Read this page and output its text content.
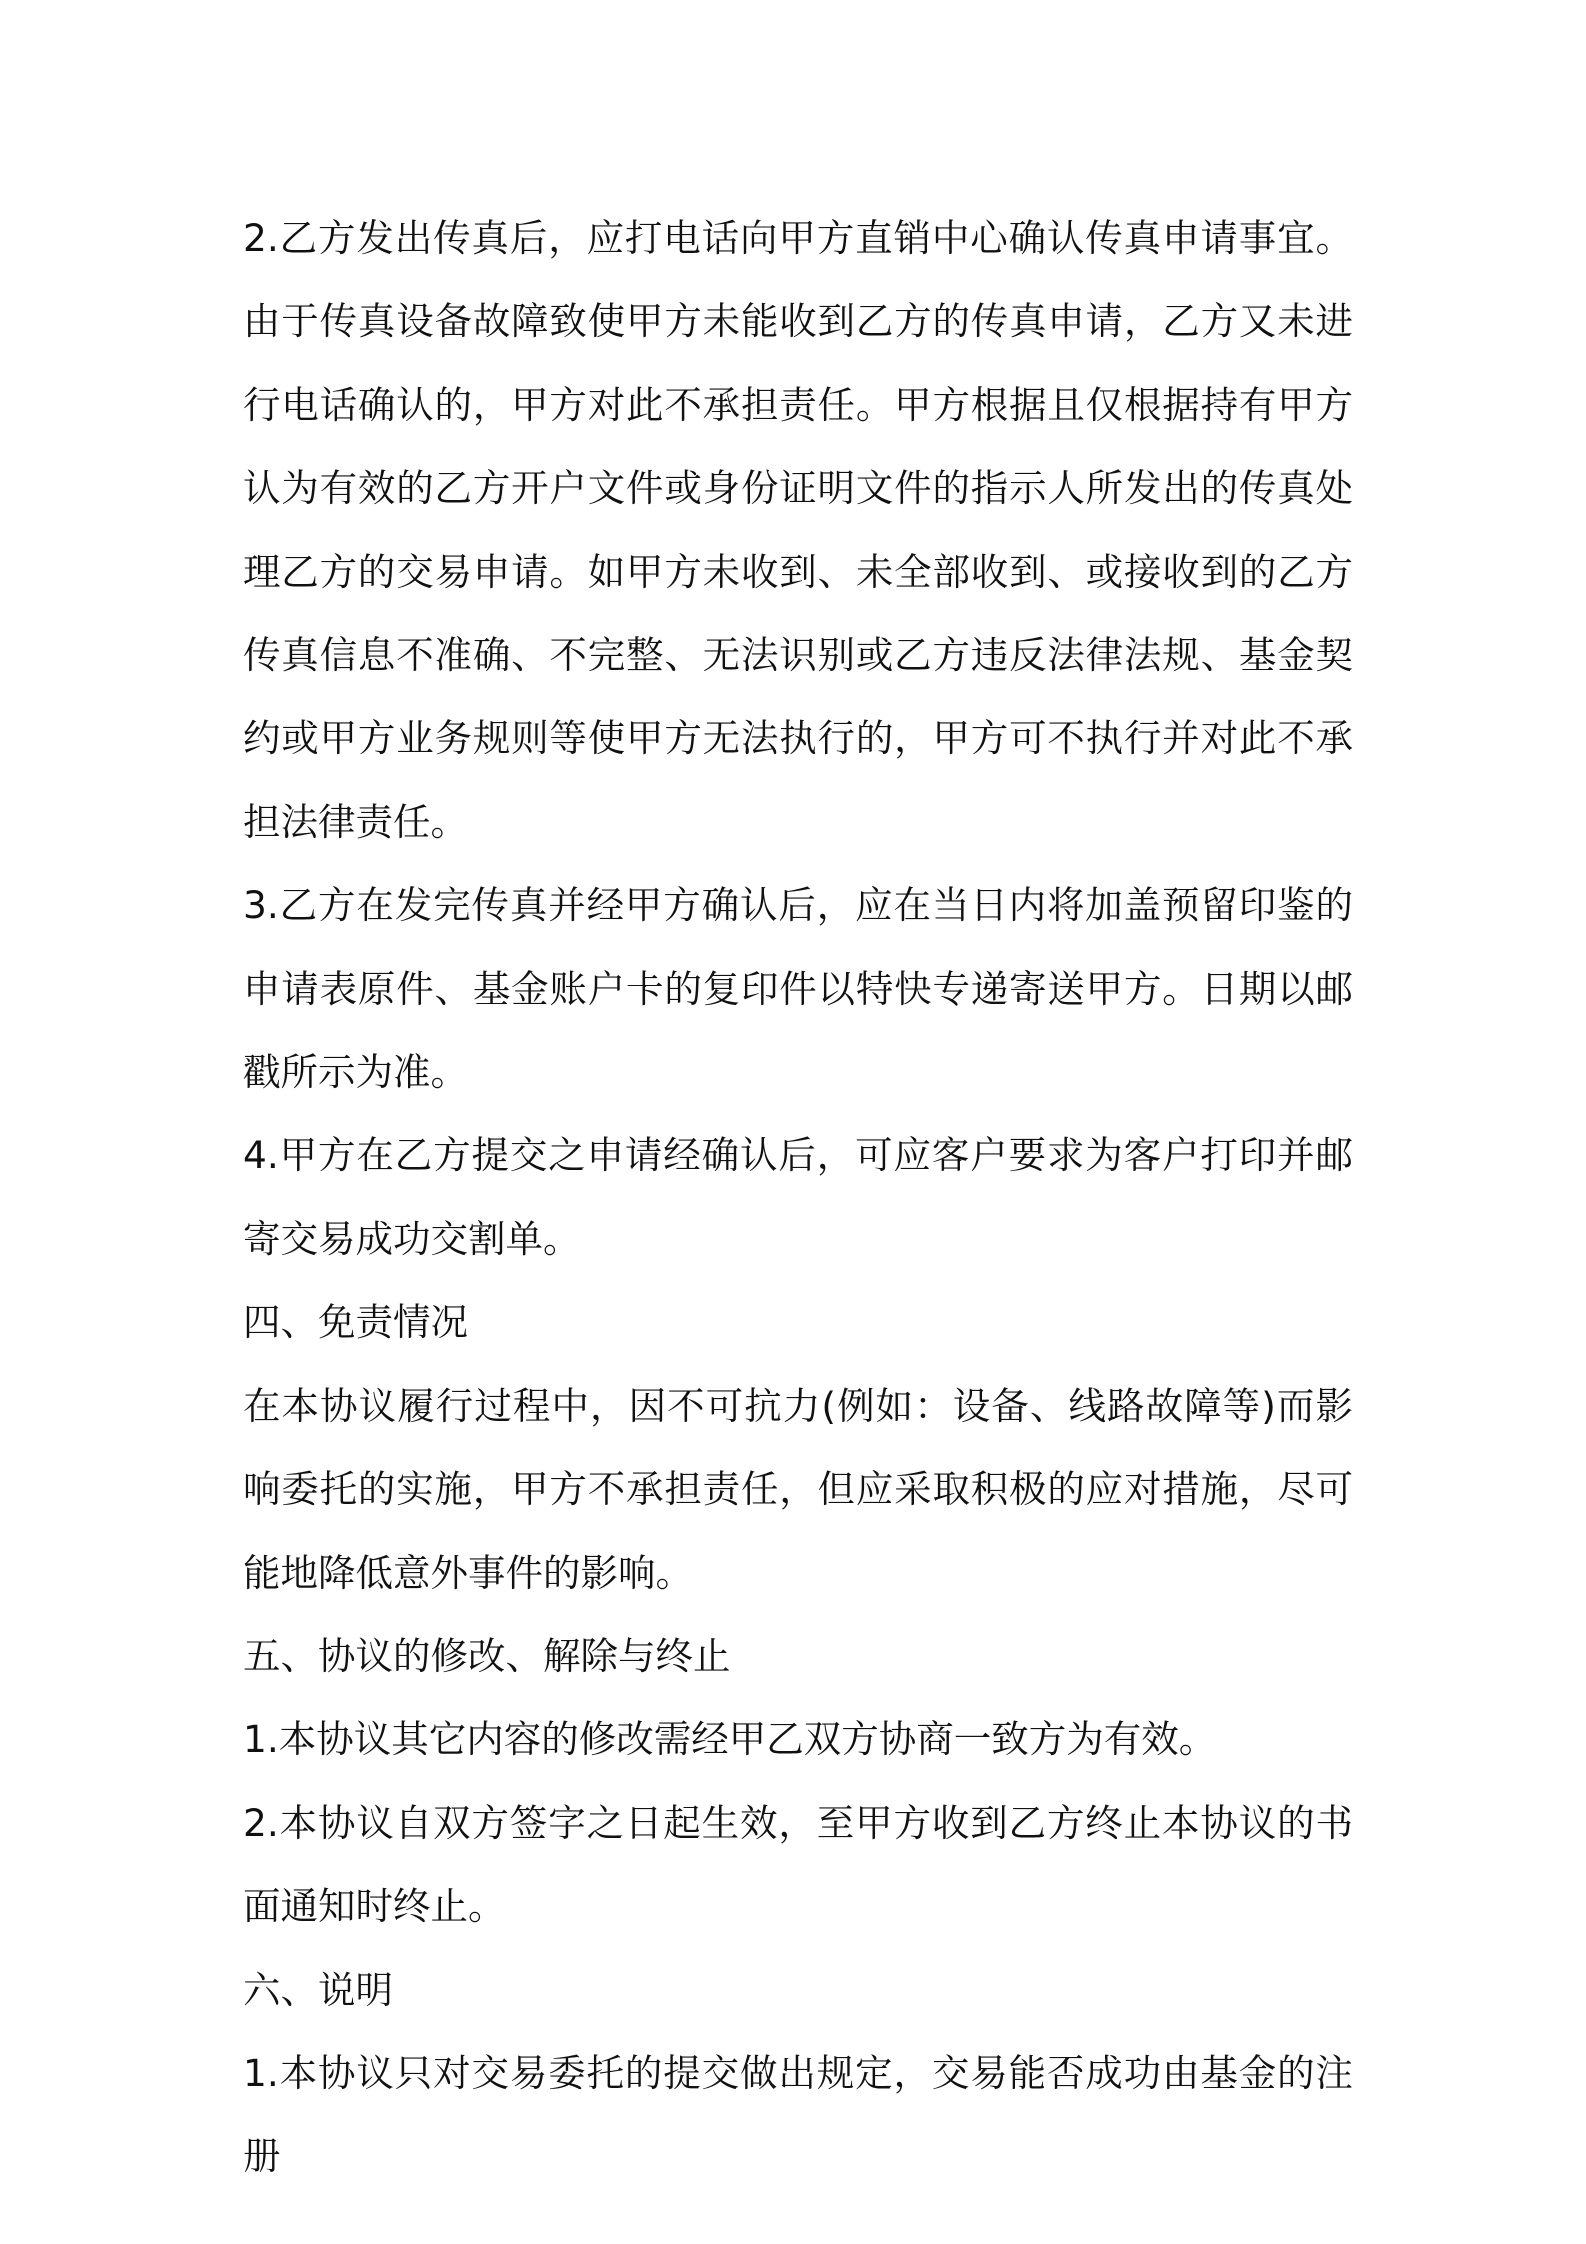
2.乙方发出传真后，应打电话向甲方直销中心确认传真申请事宜。由于传真设备故障致使甲方未能收到乙方的传真申请，乙方又未进行电话确认的，甲方对此不承担责任。甲方根据且仅根据持有甲方认为有效的乙方开户文件或身份证明文件的指示人所发出的传真处理乙方的交易申请。如甲方未收到、未全部收到、或接收到的乙方传真信息不准确、不完整、无法识别或乙方违反法律法规、基金契约或甲方业务规则等使甲方无法执行的，甲方可不执行并对此不承担法律责任。

3.乙方在发完传真并经甲方确认后，应在当日内将加盖预留印鉴的申请表原件、基金账户卡的复印件以特快专递寄送甲方。日期以邮戳所示为准。

4.甲方在乙方提交之申请经确认后，可应客户要求为客户打印并邮寄交易成功交割单。

四、免责情况

在本协议履行过程中，因不可抗力(例如：设备、线路故障等)而影响委托的实施，甲方不承担责任，但应采取积极的应对措施，尽可能地降低意外事件的影响。

五、协议的修改、解除与终止

1.本协议其它内容的修改需经甲乙双方协商一致方为有效。

2.本协议自双方签字之日起生效，至甲方收到乙方终止本协议的书面通知时终止。

六、说明

1.本协议只对交易委托的提交做出规定，交易能否成功由基金的注册
